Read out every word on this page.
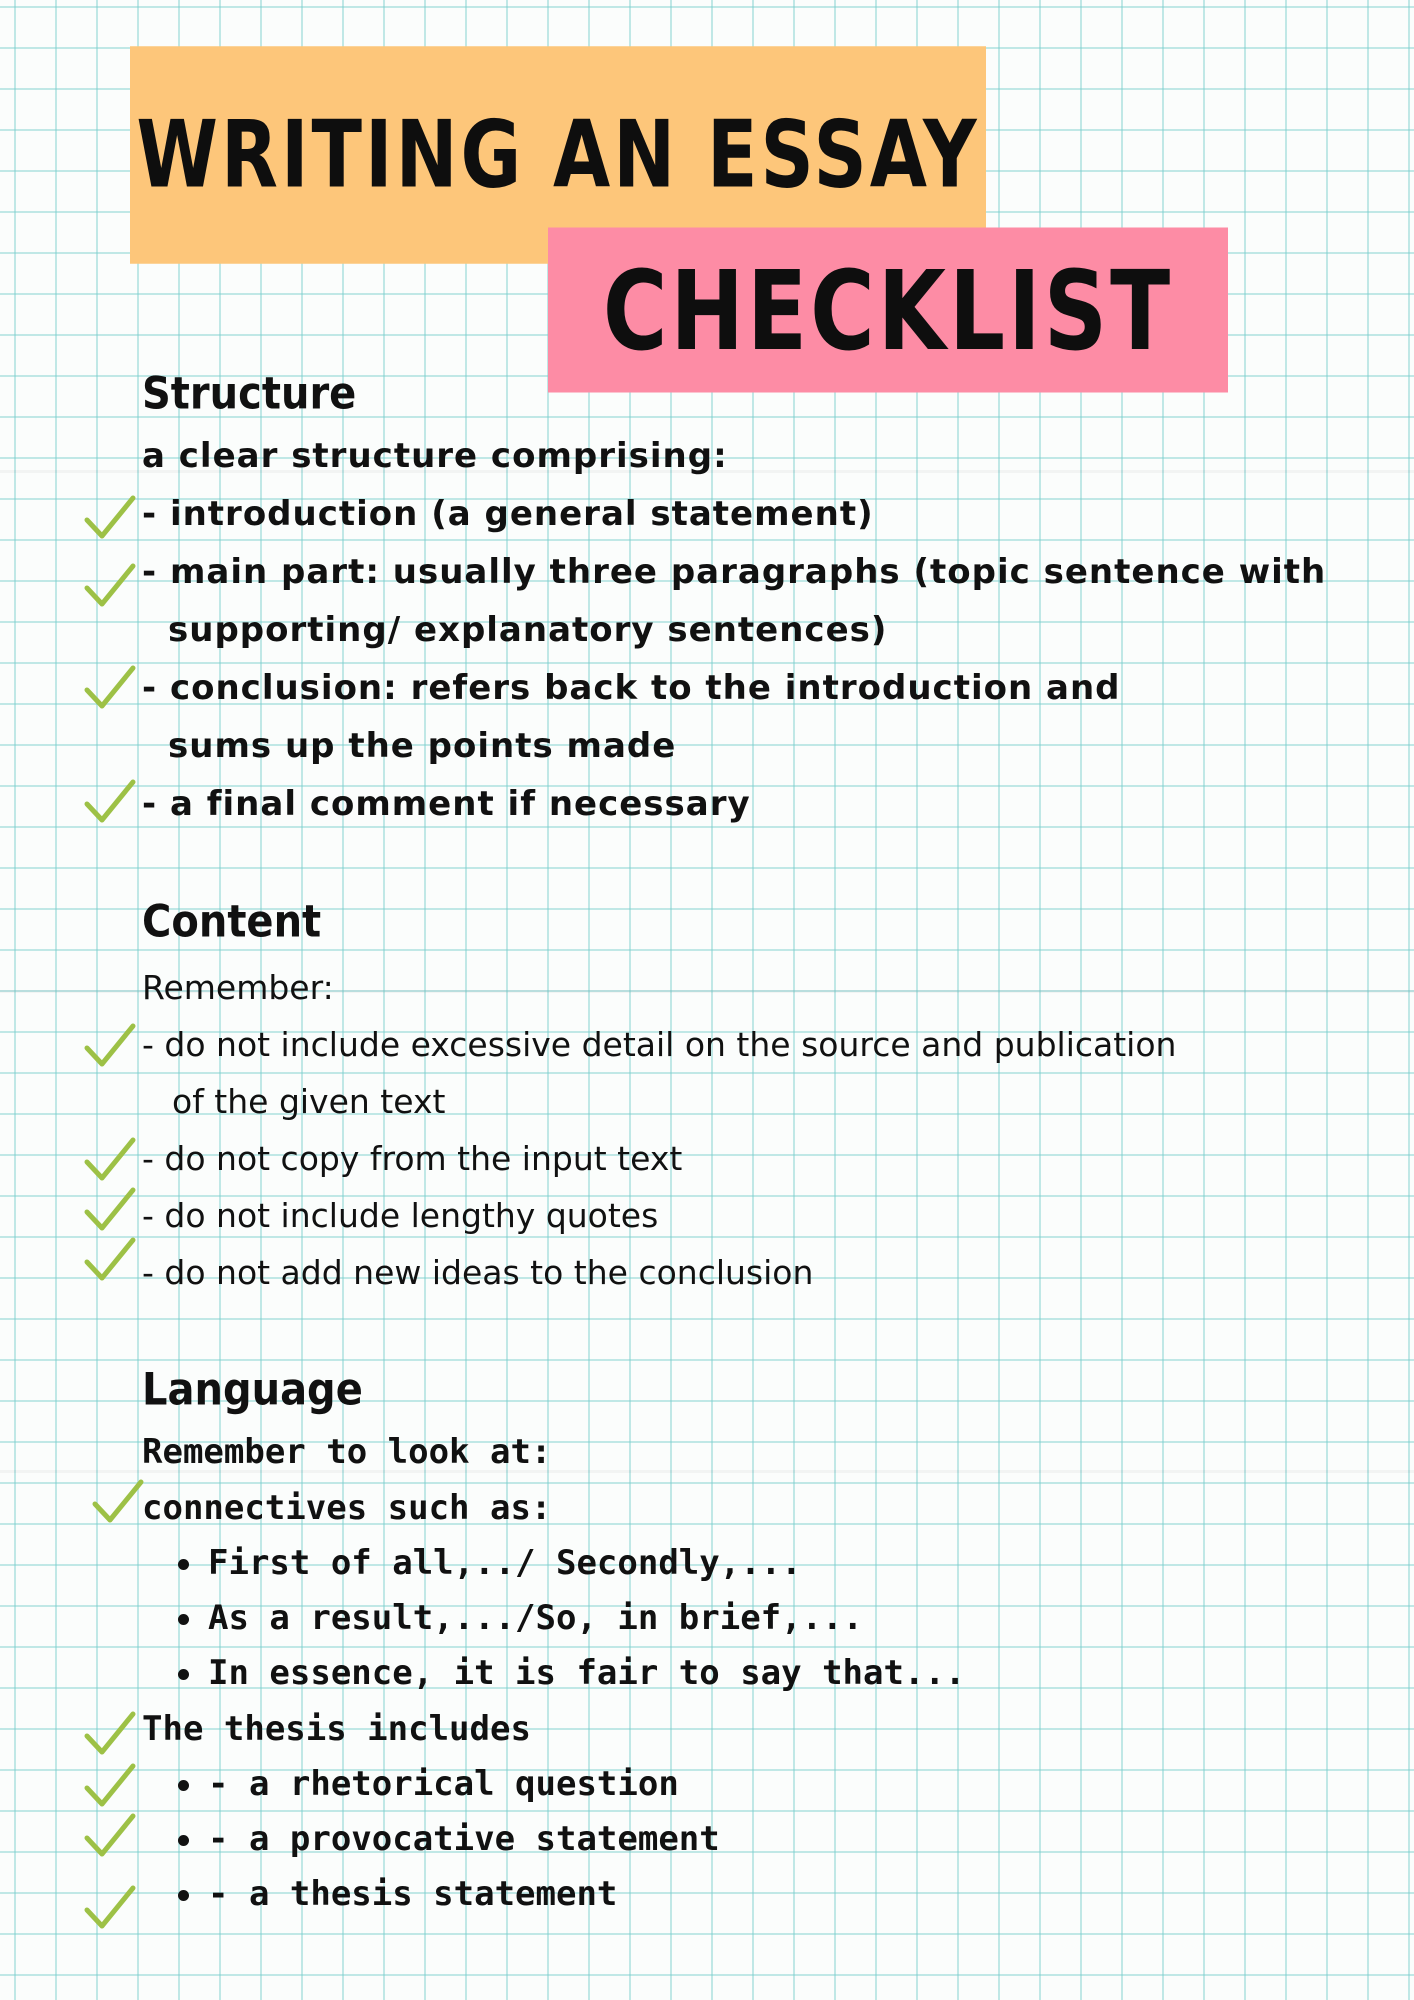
WRITING AN ESSAY
CHECKLIST
Structure
a clear structure comprising:
- introduction (a general statement)
- main part: usually three paragraphs (topic sentence with
supporting/ explanatory sentences)
- conclusion: refers back to the introduction and
sums up the points made
- a final comment if necessary
Content
Remember:
- do not include excessive detail on the source and publication
of the given text
- do not copy from the input text
- do not include lengthy quotes
- do not add new ideas to the conclusion
Language
Remember to look at:
connectives such as:
First of all,../ Secondly,...
As a result,.../So, in brief,...
In essence, it is fair to say that...
The thesis includes
- a rhetorical question
- a provocative statement
- a thesis statement
